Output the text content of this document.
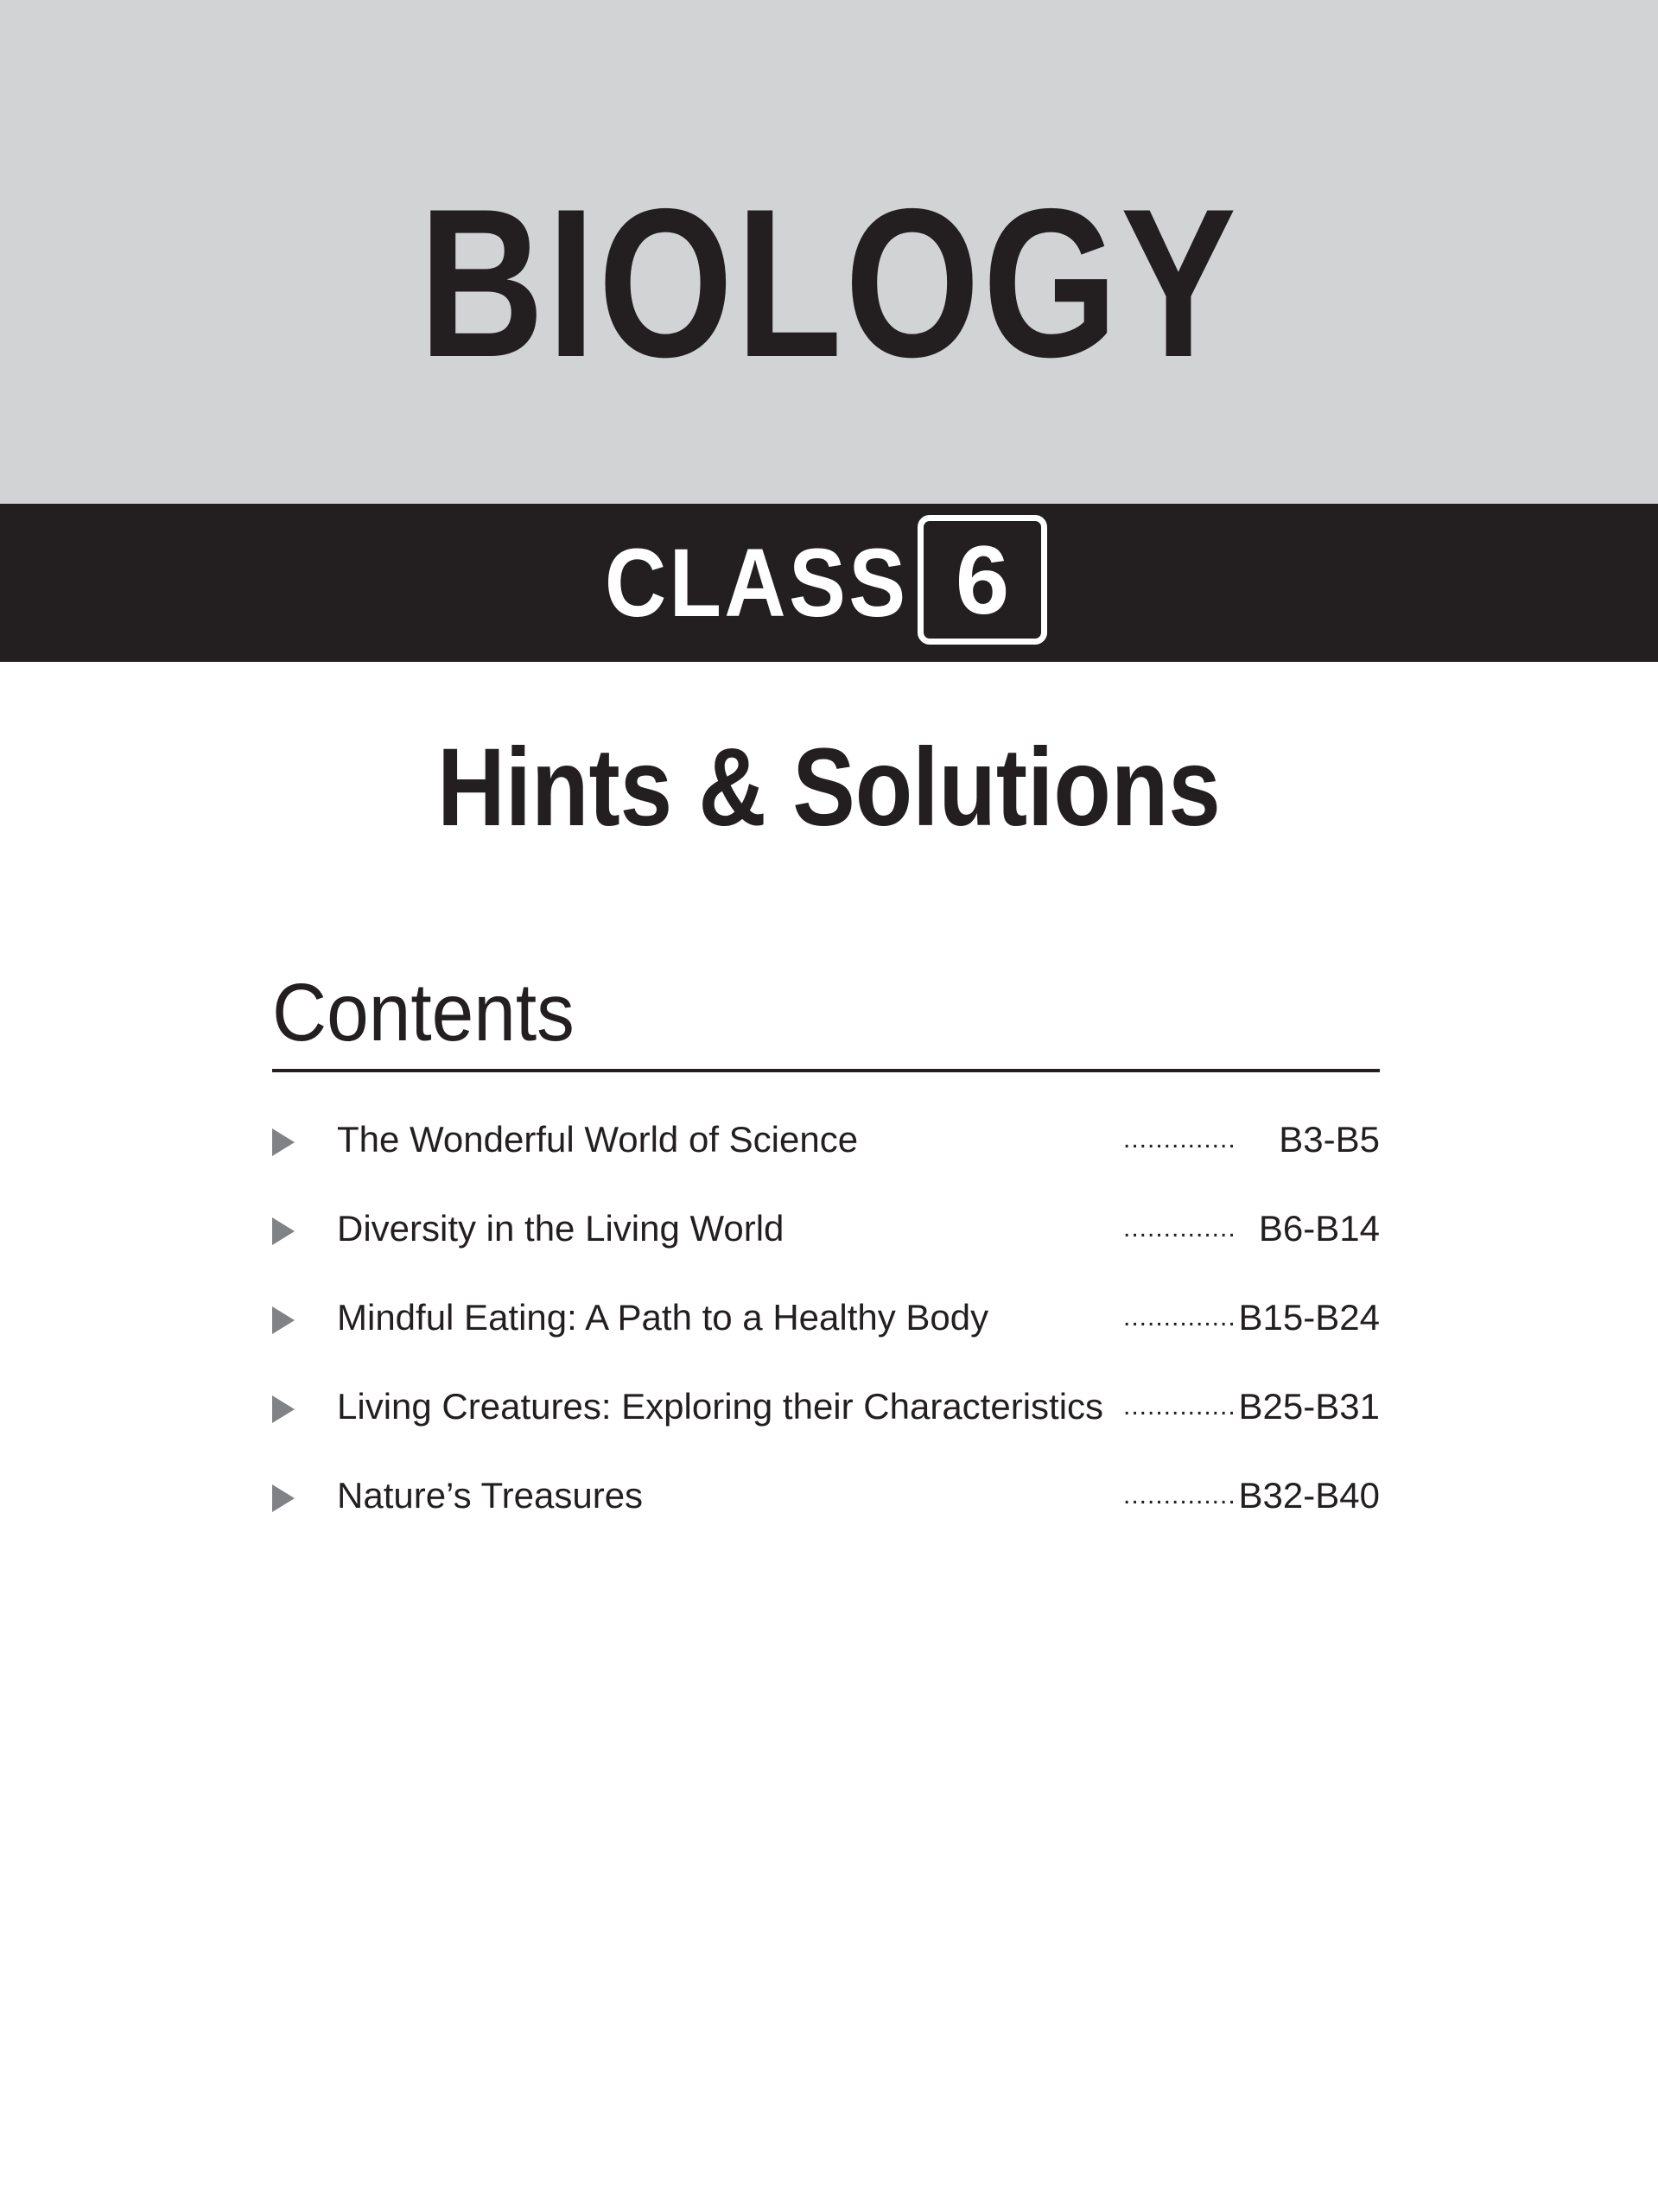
BIOLOGY
CLASS 6
Hints & Solutions
Contents
The Wonderful World of Science	.............. B3-B5
Diversity in the Living World	.............. B6-B14
Mindful Eating: A Path to a Healthy Body	.............. B15-B24
Living Creatures: Exploring their Characteristics .............. B25-B31
Nature’s Treasures	.............. B32-B40
